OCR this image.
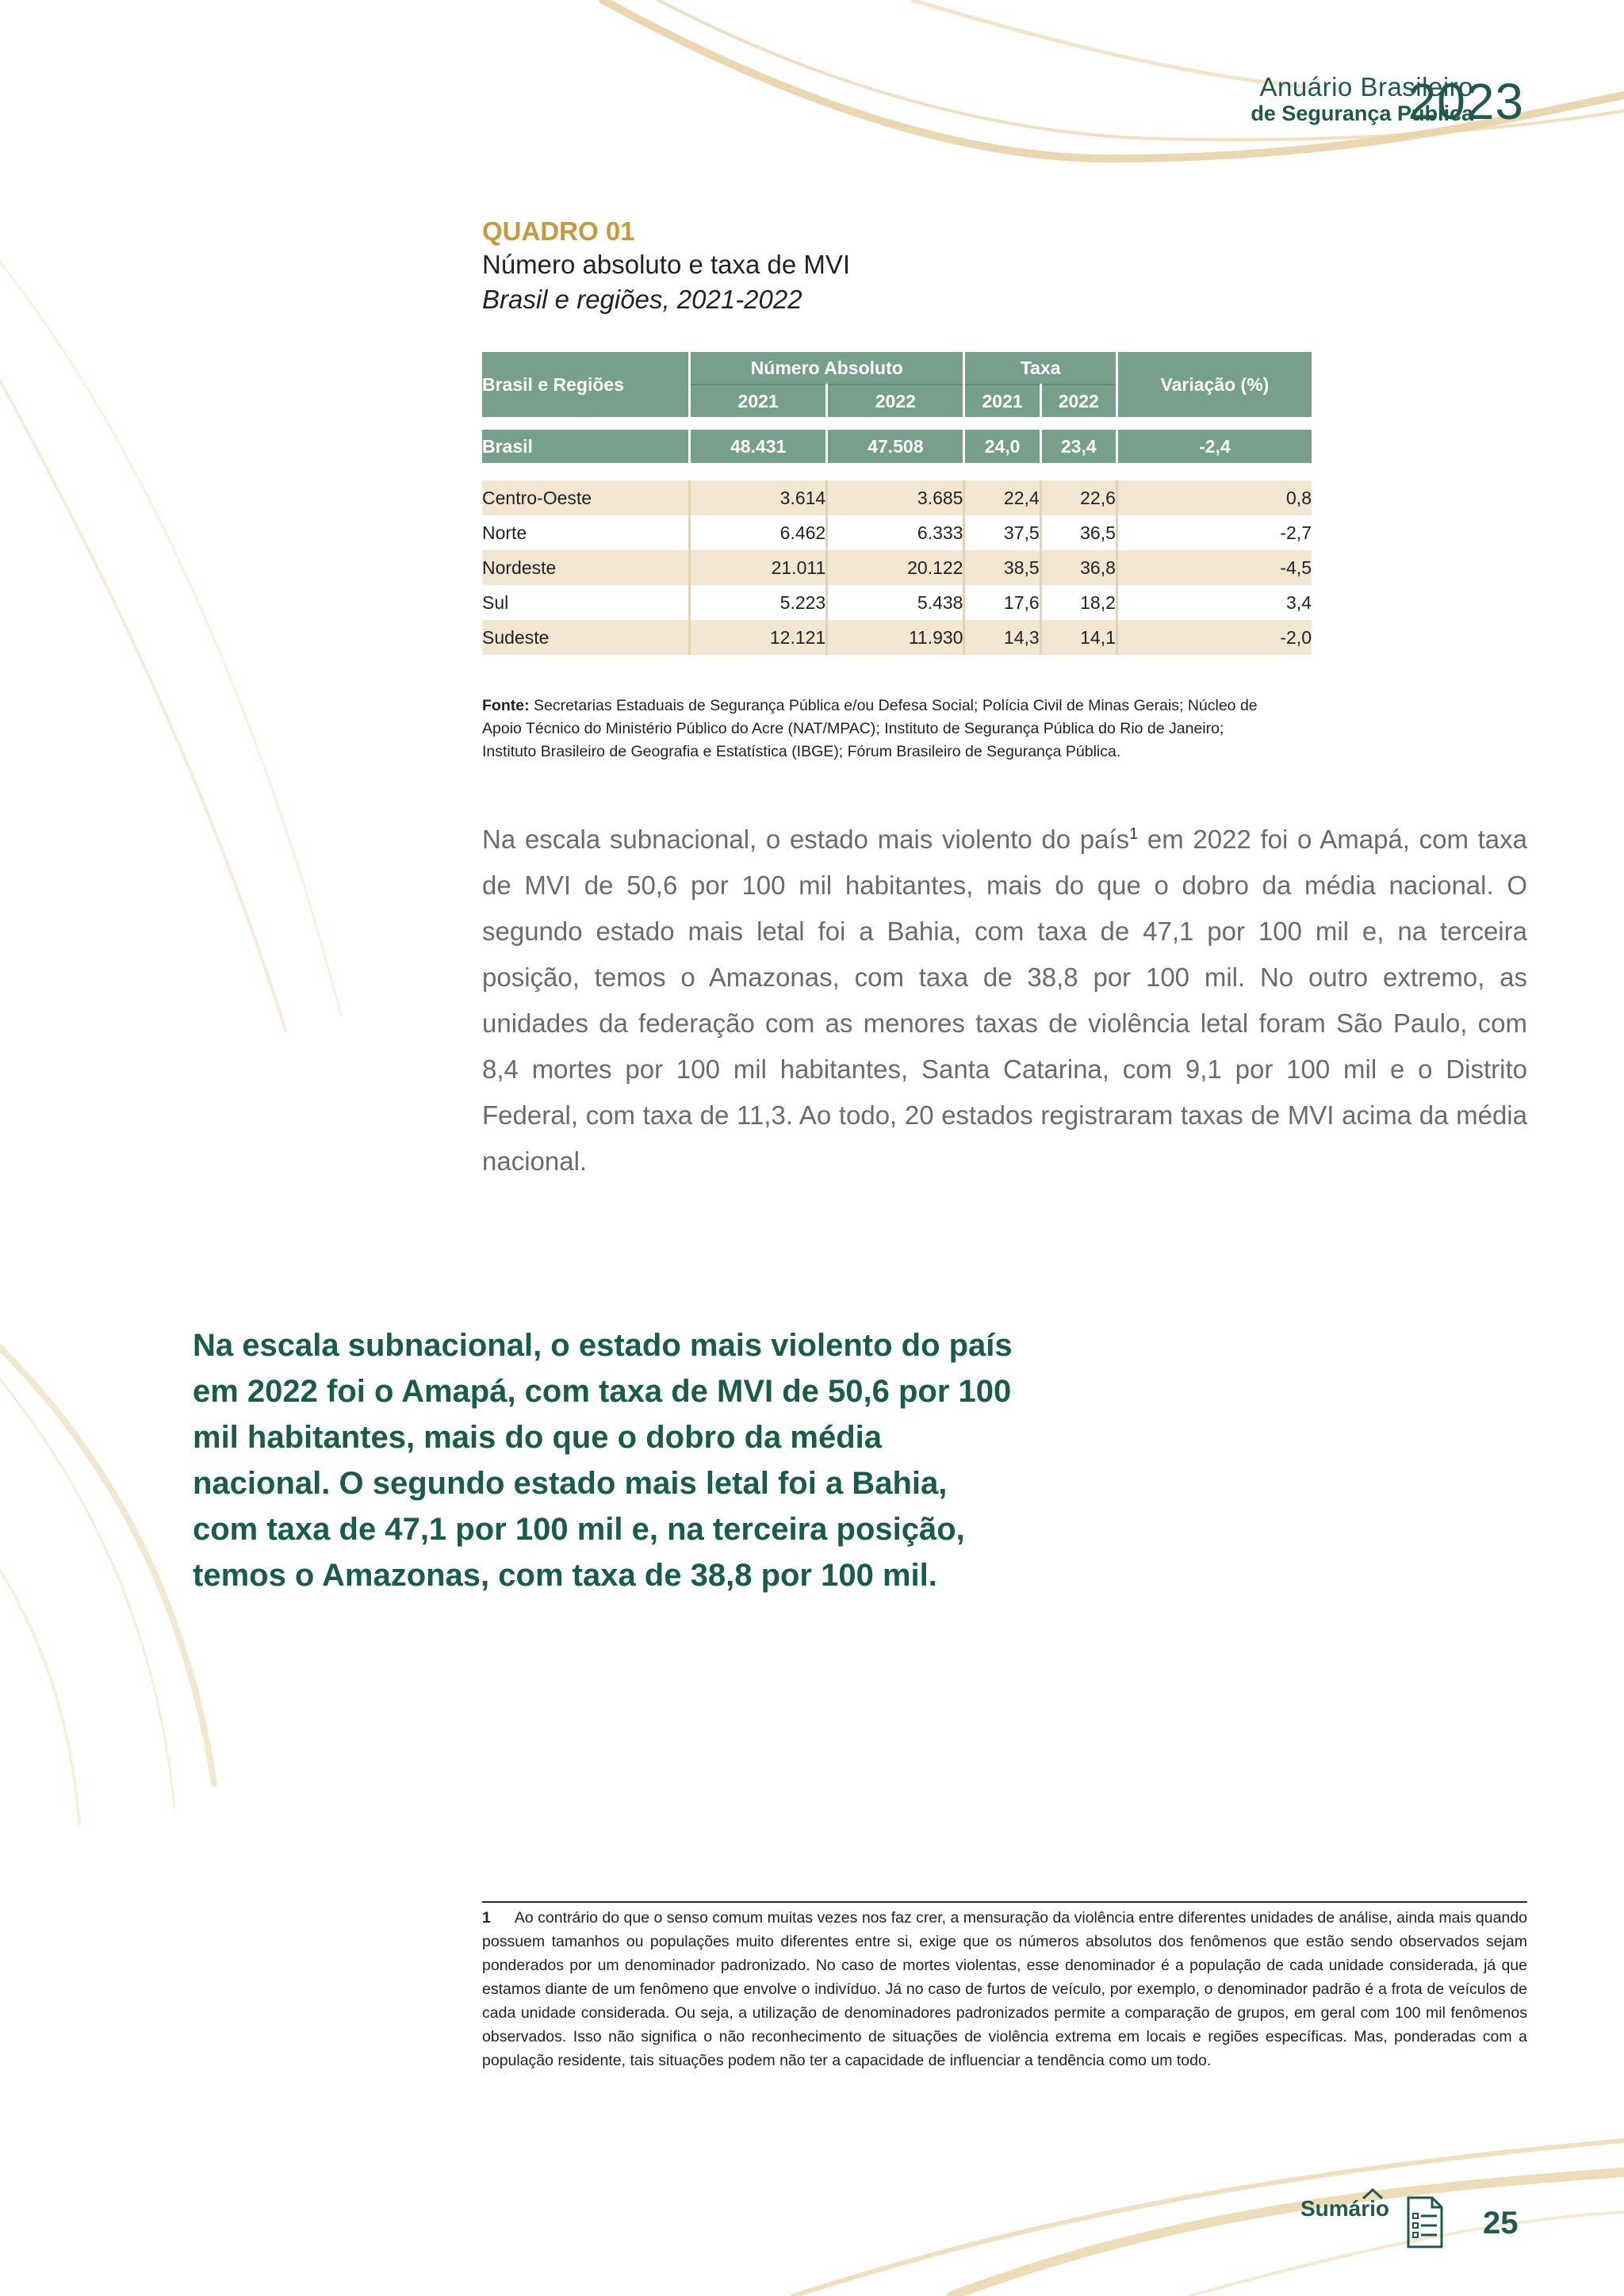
Anuário Brasileiro
de Segurança Pública
2023
QUADRO 01
Número absoluto e taxa de MVI
Brasil e regiões, 2021-2022
Brasil e Regiões	Número Absoluto		Taxa		Variação (%)
	2021	2022	2021	2022	

Brasil	48.431	47.508	24,0	23,4	-2,4

Centro-Oeste	3.614	3.685	22,4	22,6	0,8
Norte	6.462	6.333	37,5	36,5	-2,7
Nordeste	21.011	20.122	38,5	36,8	-4,5
Sul	5.223	5.438	17,6	18,2	3,4
Sudeste	12.121	11.930	14,3	14,1	-2,0
Fonte: Secretarias Estaduais de Segurança Pública e/ou Defesa Social; Polícia Civil de Minas Gerais; Núcleo de Apoio Técnico do Ministério Público do Acre (NAT/MPAC); Instituto de Segurança Pública do Rio de Janeiro; Instituto Brasileiro de Geografia e Estatística (IBGE); Fórum Brasileiro de Segurança Pública.
Na escala subnacional, o estado mais violento do país$^1$ em 2022 foi o Amapá, com taxa de MVI de 50,6 por 100 mil habitantes, mais do que o dobro da média nacional. O segundo estado mais letal foi a Bahia, com taxa de 47,1 por 100 mil e, na terceira posição, temos o Amazonas, com taxa de 38,8 por 100 mil. No outro extremo, as unidades da federação com as menores taxas de violência letal foram São Paulo, com 8,4 mortes por 100 mil habitantes, Santa Catarina, com 9,1 por 100 mil e o Distrito Federal, com taxa de 11,3. Ao todo, 20 estados registraram taxas de MVI acima da média nacional.
Na escala subnacional, o estado mais violento do país em 2022 foi o Amapá, com taxa de MVI de 50,6 por 100 mil habitantes, mais do que o dobro da média nacional. O segundo estado mais letal foi a Bahia, com taxa de 47,1 por 100 mil e, na terceira posição, temos o Amazonas, com taxa de 38,8 por 100 mil.
1 Ao contrário do que o senso comum muitas vezes nos faz crer, a mensuração da violência entre diferentes unidades de análise, ainda mais quando possuem tamanhos ou populações muito diferentes entre si, exige que os números absolutos dos fenômenos que estão sendo observados sejam ponderados por um denominador padronizado. No caso de mortes violentas, esse denominador é a população de cada unidade considerada, já que estamos diante de um fenômeno que envolve o indivíduo. Já no caso de furtos de veículo, por exemplo, o denominador padrão é a frota de veículos de cada unidade considerada. Ou seja, a utilização de denominadores padronizados permite a comparação de grupos, em geral com 100 mil fenômenos observados. Isso não significa o não reconhecimento de situações de violência extrema em locais e regiões específicas. Mas, ponderadas com a população residente, tais situações podem não ter a capacidade de influenciar a tendência como um todo.
Sumário	25
